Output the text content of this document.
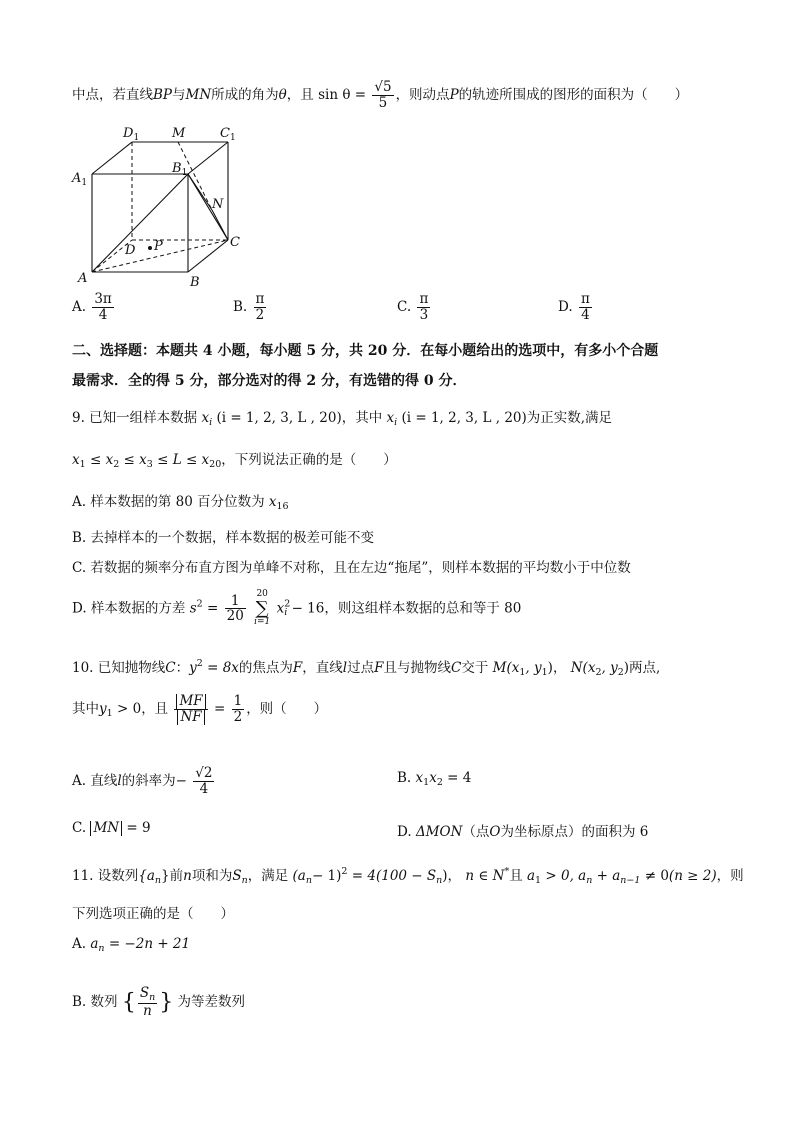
中点，若直线BP与MN所成的角为θ，且 $\sin \theta = \frac{√5}{5}$ ，则动点P的轨迹所围成的图形的面积为（　　）
$D_1$	M	$C_1$
$A_1$
$B_1$
N
D P	C
A	B
A. $\frac{3\pi}{4}$	B. $\frac{\pi}{2}$	C. $\frac{\pi}{3}$	D. $\frac{\pi}{4}$
二、选择题：本题共 4 小题，每小题 5 分，共 20 分．在每小题给出的选项中，有多小个合题
最需求．全的得 5 分，部分选对的得 2 分，有选错的得 0 分．
9. 已知一组样本数据 $x_i$ (i = 1, 2, 3, L , 20)，其中 $x_i$ (i = 1, 2, 3, L , 20)为正实数,满足
$x_1 \le x_2 \le x_3 \le L \le x_{20}$，下列说法正确的是（　　）
A. 样本数据的第 80 百分位数为 $x_{16}$
B. 去掉样本的一个数据，样本数据的极差可能不变
C. 若数据的频率分布直方图为单峰不对称，且在左边“拖尾”，则样本数据的平均数小于中位数
D. 样本数据的方差 $s^2 = \frac{1}{20}$
20
∑
i=1
$x^2_i - 16$，则这组样本数据的总和等于 80
10. 已知抛物线C：$y^2 = 8x$的焦点为F，直线l过点F且与抛物线C交于 $M(x_1$, $y_1$)， $N(x_2$, $y_2$)两点,
其中$y_1 > 0$，且 $\frac{MF}{NF} = \frac{1}{2}$ ，则（　　）
A. 直线l的斜率为− $\frac{√2}{4}$	B. $x_1x_2 = 4$
C. MN = 9	D. ΔMON（点O为坐标原点）的面积为 6
11. 设数列$\{a_n\}$前n项和为$S_n$，满足 $(a_n- 1)^2 = 4(100 - S_n)$， n ∈ N*且 $a_1 > 0$, $a_n + a_{n-1} \ne 0(n \ge 2)$，则
下列选项正确的是（　　）
A. $a_n = -2n + 21$
B. 数列 { $\frac{S_n}{n}$ } 为等差数列
